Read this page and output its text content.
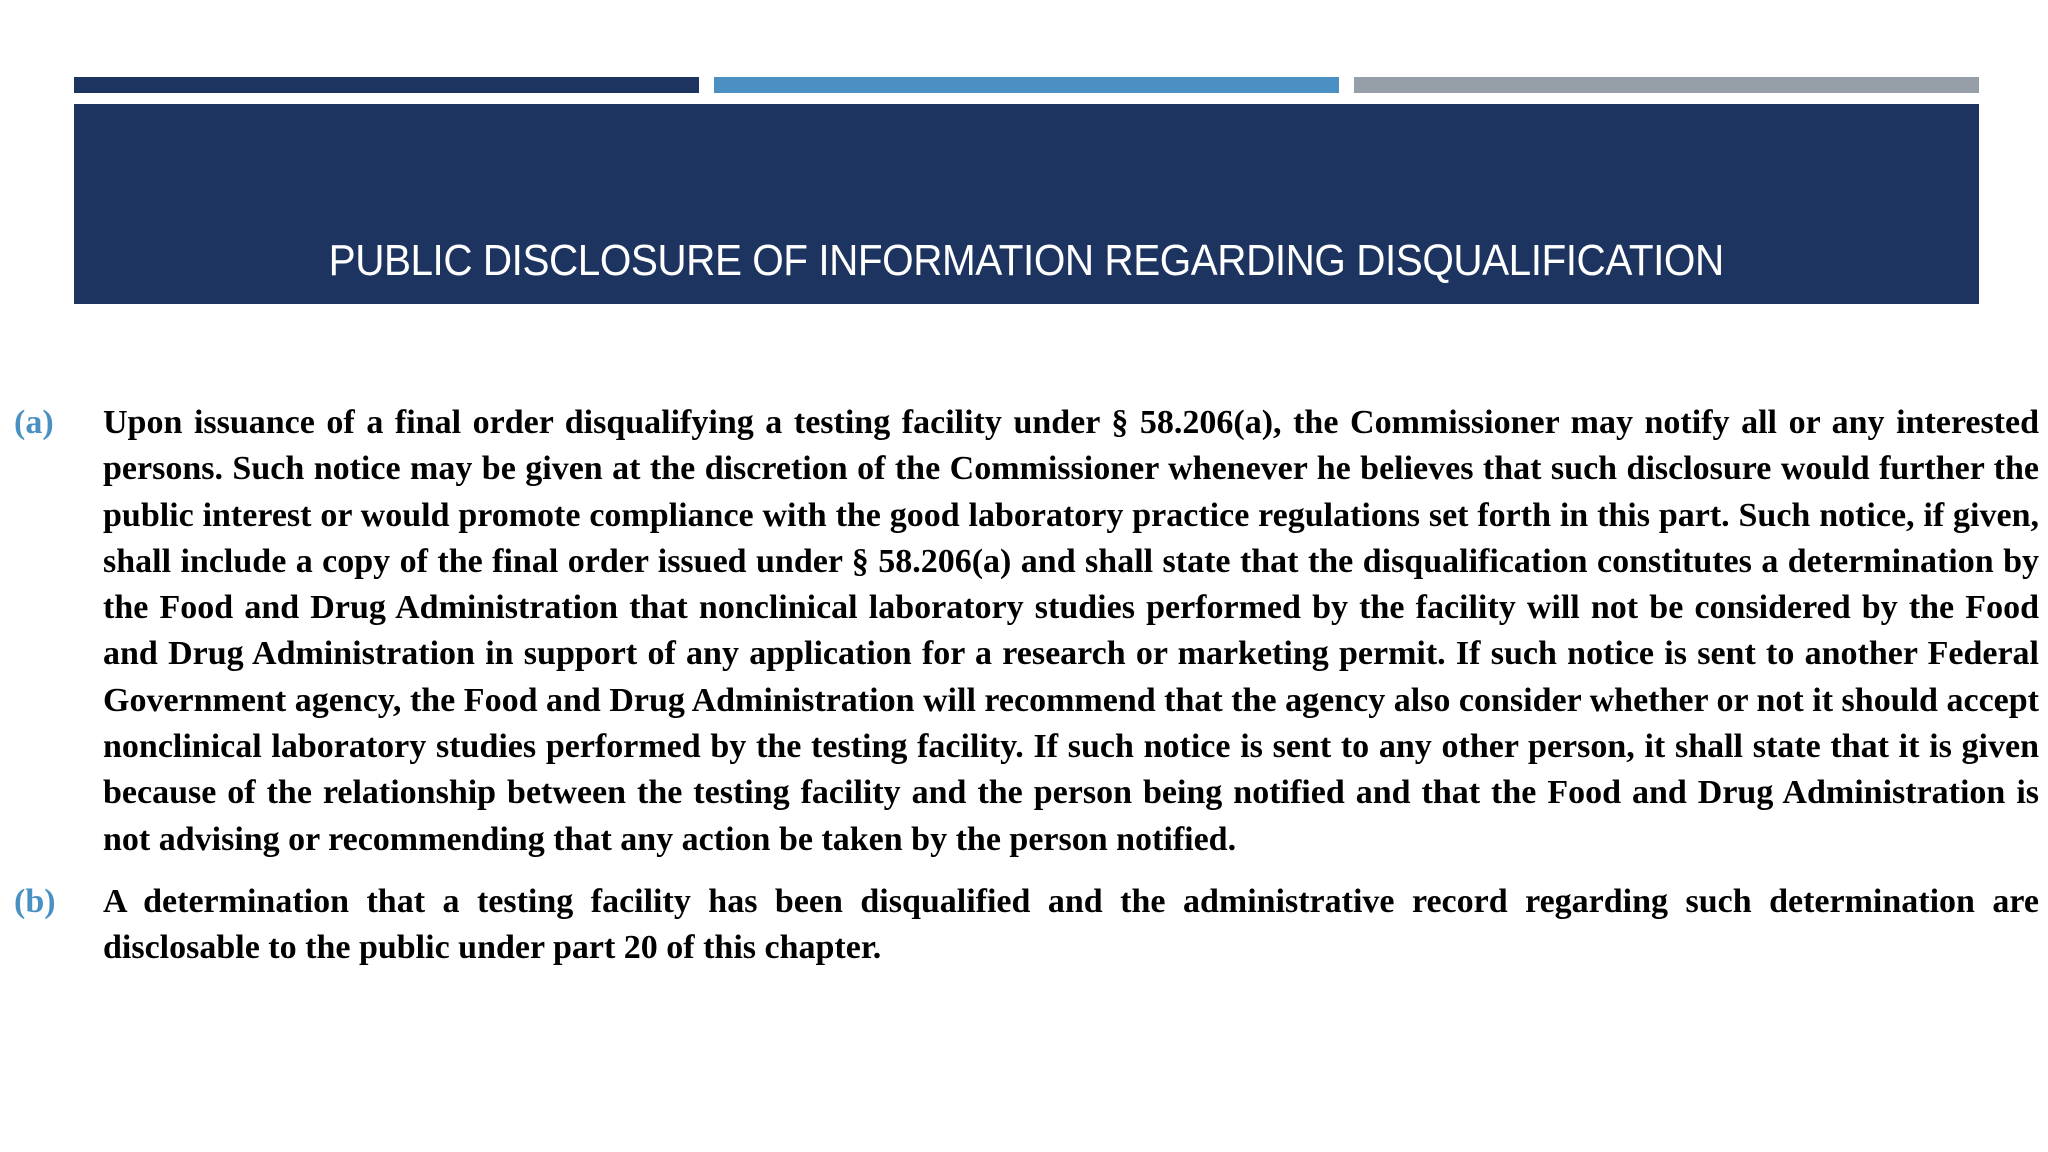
PUBLIC DISCLOSURE OF INFORMATION REGARDING DISQUALIFICATION
(a) Upon issuance of a final order disqualifying a testing facility under § 58.206(a), the Commissioner may notify all or any interested persons. Such notice may be given at the discretion of the Commissioner whenever he believes that such disclosure would further the public interest or would promote compliance with the good laboratory practice regulations set forth in this part. Such notice, if given, shall include a copy of the final order issued under § 58.206(a) and shall state that the disqualification constitutes a determination by the Food and Drug Administration that nonclinical laboratory studies performed by the facility will not be considered by the Food and Drug Administration in support of any application for a research or marketing permit. If such notice is sent to another Federal Government agency, the Food and Drug Administration will recommend that the agency also consider whether or not it should accept nonclinical laboratory studies performed by the testing facility. If such notice is sent to any other person, it shall state that it is given because of the relationship between the testing facility and the person being notified and that the Food and Drug Administration is not advising or recommending that any action be taken by the person notified.
(b) A determination that a testing facility has been disqualified and the administrative record regarding such determination are disclosable to the public under part 20 of this chapter.
